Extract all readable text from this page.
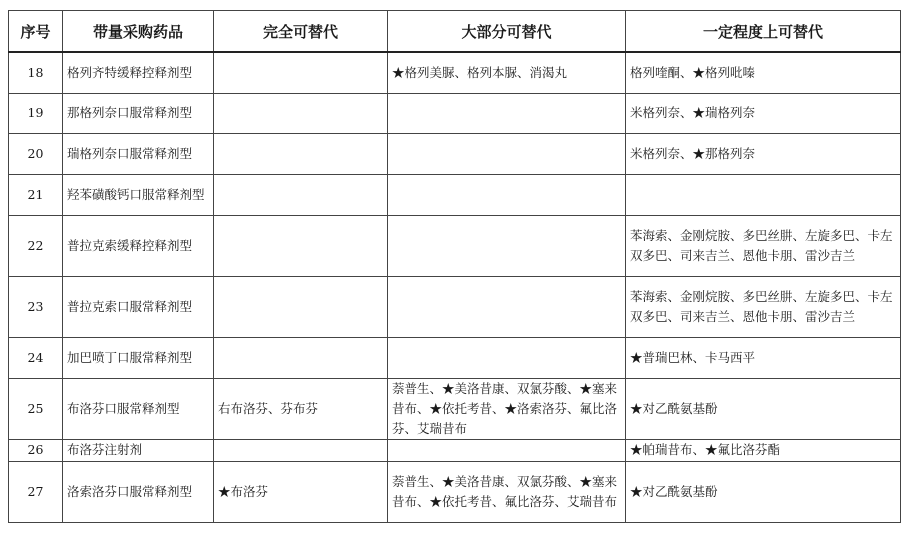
序号	带量采购药品	完全可替代	大部分可替代	一定程度上可替代
18	格列齐特缓释控释剂型		★格列美脲、格列本脲、消渴丸	格列喹酮、★格列吡嗪
19	那格列奈口服常释剂型			米格列奈、★瑞格列奈
20	瑞格列奈口服常释剂型			米格列奈、★那格列奈
21	羟苯磺酸钙口服常释剂型			
22	普拉克索缓释控释剂型			苯海索、金刚烷胺、多巴丝肼、左旋多巴、卡左双多巴、司来吉兰、恩他卡朋、雷沙吉兰
23	普拉克索口服常释剂型			苯海索、金刚烷胺、多巴丝肼、左旋多巴、卡左双多巴、司来吉兰、恩他卡朋、雷沙吉兰
24	加巴喷丁口服常释剂型			★普瑞巴林、卡马西平
25	布洛芬口服常释剂型	右布洛芬、芬布芬	萘普生、★美洛昔康、双氯芬酸、★塞来昔布、★依托考昔、★洛索洛芬、氟比洛芬、艾瑞昔布	★对乙酰氨基酚
26	布洛芬注射剂			★帕瑞昔布、★氟比洛芬酯
27	洛索洛芬口服常释剂型	★布洛芬	萘普生、★美洛昔康、双氯芬酸、★塞来昔布、★依托考昔、氟比洛芬、艾瑞昔布	★对乙酰氨基酚
